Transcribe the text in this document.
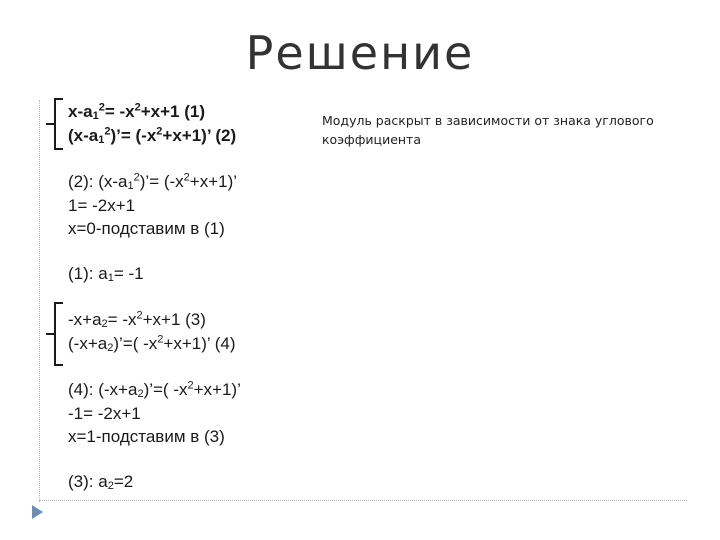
Решение
$x-a_1^2= -x^2+x+1$ (1)
$(x-a_1^2)’= (-x^2+x+1)$’ (2)
(2): $(x-a_1^2)’= (-x^2+x+1)$’
1= -2x+1
x=0-подставим в (1)
(1): $a_1= -1$
$-x+a_2= -x^2+x+1$ (3)
$(-x+a_2)’=$( $-x^2+x+1$)’ (4)
(4): $(-x+a_2)’=$( $-x^2+x+1$)’
-1= -2x+1
x=1-подставим в (3)
(3): $a_2=2$
Модуль раскрыт в зависимости от знака углового коэффициента
